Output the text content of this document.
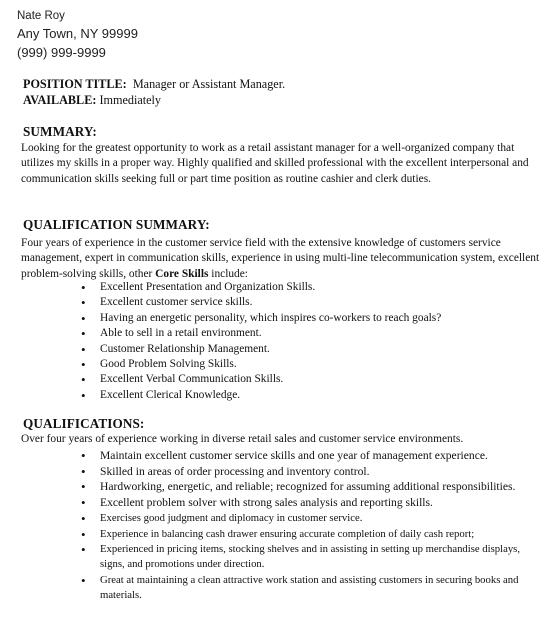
Nate Roy
Any Town, NY 99999
(999) 999-9999
POSITION TITLE: Manager or Assistant Manager.
AVAILABLE: Immediately
SUMMARY:

Looking for the greatest opportunity to work as a retail assistant manager for a well-organized company that utilizes my skills in a proper way. Highly qualified and skilled professional with the excellent interpersonal and communication skills seeking full or part time position as routine cashier and clerk duties.

QUALIFICATION SUMMARY:

Four years of experience in the customer service field with the extensive knowledge of customers service management, expert in communication skills, experience in using multi-line telecommunication system, excellent problem-solving skills, other Core Skills include:

• Excellent Presentation and Organization Skills.
• Excellent customer service skills.
• Having an energetic personality, which inspires co-workers to reach goals?
• Able to sell in a retail environment.
• Customer Relationship Management.
• Good Problem Solving Skills.
• Excellent Verbal Communication Skills.
• Excellent Clerical Knowledge.
QUALIFICATIONS:

Over four years of experience working in diverse retail sales and customer service environments.

• Maintain excellent customer service skills and one year of management experience.
• Skilled in areas of order processing and inventory control.
• Hardworking, energetic, and reliable; recognized for assuming additional responsibilities.
• Excellent problem solver with strong sales analysis and reporting skills.
• Exercises good judgment and diplomacy in customer service.
• Experience in balancing cash drawer ensuring accurate completion of daily cash report;
• Experienced in pricing items, stocking shelves and in assisting in setting up merchandise displays, signs, and promotions under direction.
• Great at maintaining a clean attractive work station and assisting customers in securing books and materials.
